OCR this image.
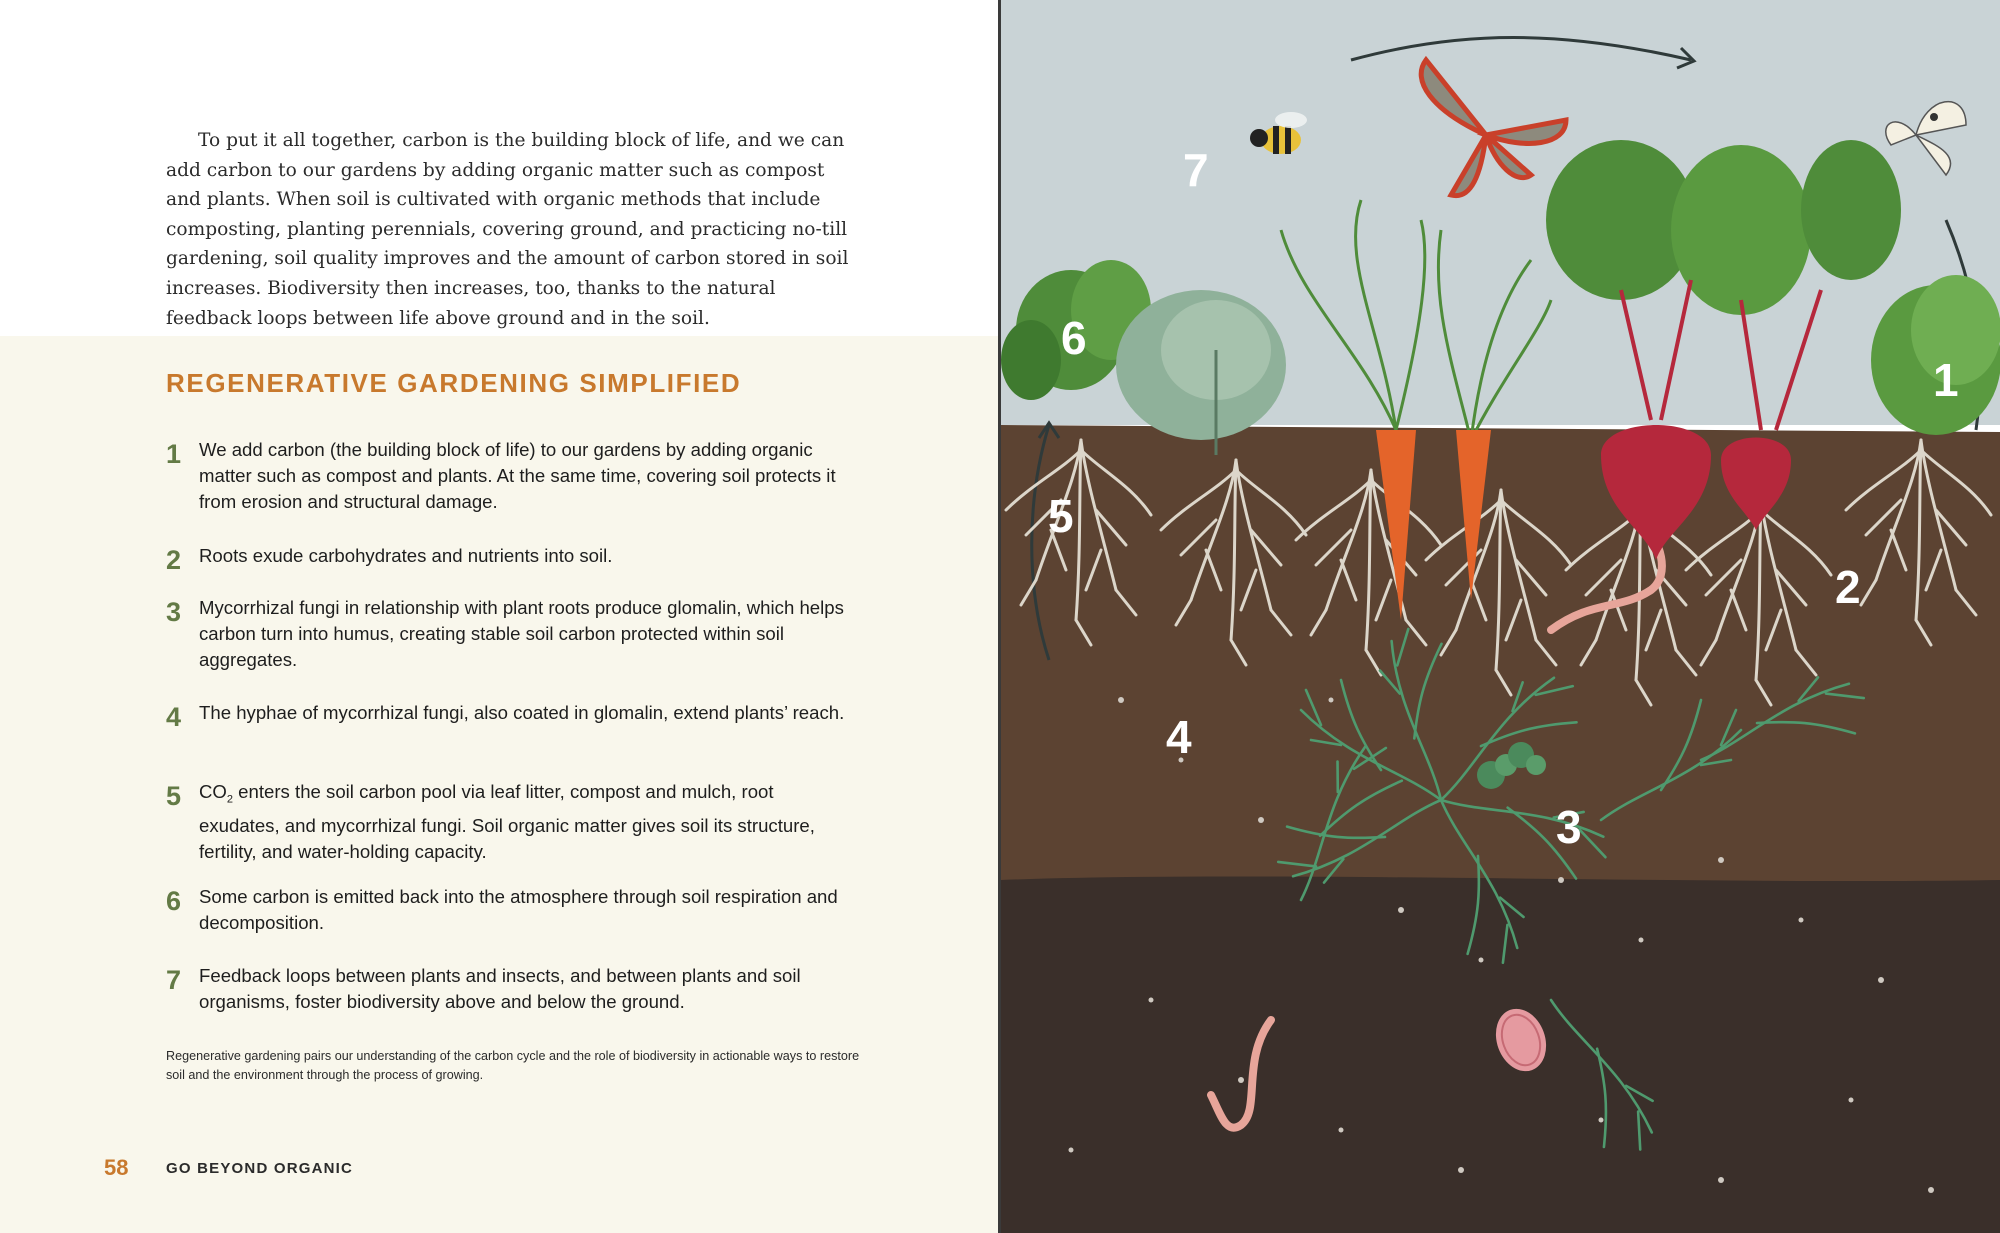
To put it all together, carbon is the building block of life, and we can add carbon to our gardens by adding organic matter such as compost and plants. When soil is cultivated with organic methods that include composting, planting perennials, covering ground, and practicing no-till gardening, soil quality improves and the amount of carbon stored in soil increases. Biodiversity then increases, too, thanks to the natural feedback loops between life above ground and in the soil.

REGENERATIVE GARDENING SIMPLIFIED
1 We add carbon (the building block of life) to our gardens by adding organic matter such as compost and plants. At the same time, covering soil protects it from erosion and structural damage.
2 Roots exude carbohydrates and nutrients into soil.
3 Mycorrhizal fungi in relationship with plant roots produce glomalin, which helps carbon turn into humus, creating stable soil carbon protected within soil aggregates.
4 The hyphae of mycorrhizal fungi, also coated in glomalin, extend plants’ reach.
5 $CO_2$ enters the soil carbon pool via leaf litter, compost and mulch, root exudates, and mycorrhizal fungi. Soil organic matter gives soil its structure, fertility, and water-holding capacity.
6 Some carbon is emitted back into the atmosphere through soil respiration and decomposition.
7 Feedback loops between plants and insects, and between plants and soil organisms, foster biodiversity above and below the ground.

Regenerative gardening pairs our understanding of the carbon cycle and the role of biodiversity in actionable ways to restore soil and the environment through the process of growing.

58	GO BEYOND ORGANIC
1
2
3
4
5
6
7
